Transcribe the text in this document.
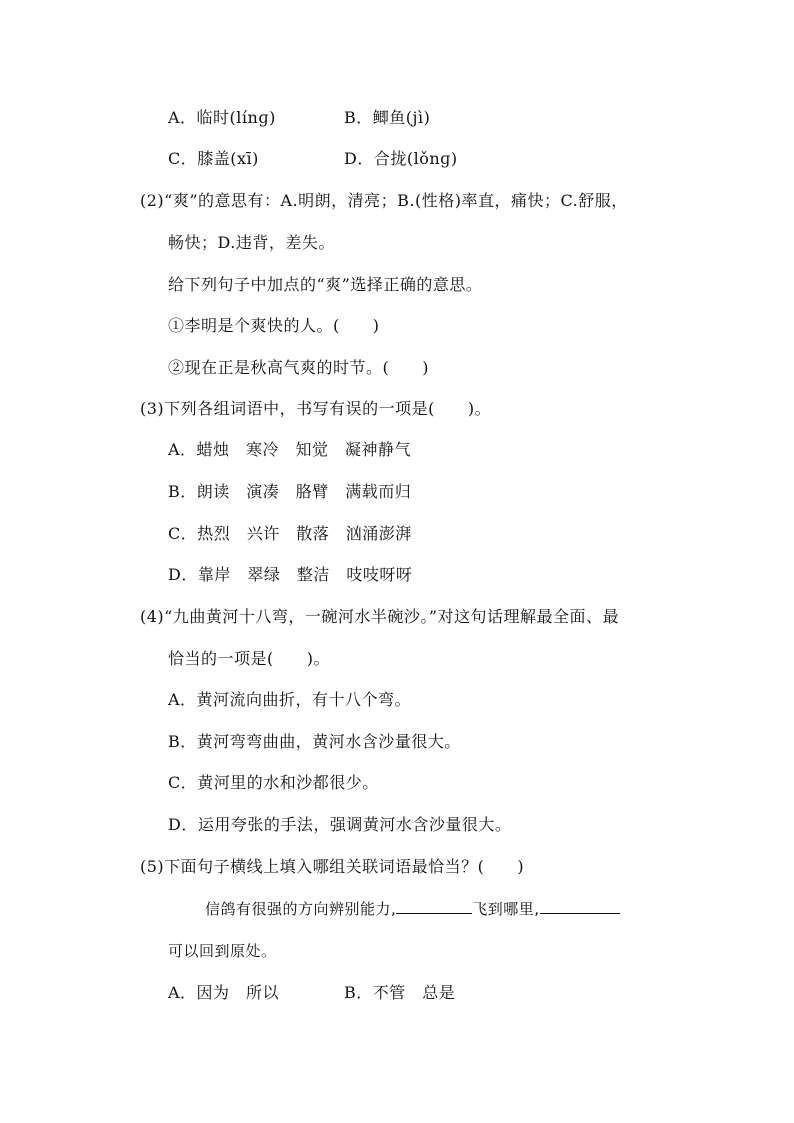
A．临时(línɡ)	B．鲫鱼(jì)
C．膝盖(xī)	D．合拢(lǒnɡ)
(2)“爽”的意思有：A.明朗，清亮；B.(性格)率直，痛快；C.舒服，
畅快；D.违背，差失。
给下列句子中加点的“爽”选择正确的意思。
①李明是个爽快的人。(　　)
②现在正是秋高气爽的时节。(　　)
(3)下列各组词语中，书写有误的一项是(　　)。
A．蜡烛　寒冷　知觉　凝神静气
B．朗读　演凑　胳臂　满载而归
C．热烈　兴许　散落　汹涌澎湃
D．靠岸　翠绿　整洁　吱吱呀呀
(4)“九曲黄河十八弯，一碗河水半碗沙。”对这句话理解最全面、最
恰当的一项是(　　)。
A．黄河流向曲折，有十八个弯。
B．黄河弯弯曲曲，黄河水含沙量很大。
C．黄河里的水和沙都很少。
D．运用夸张的手法，强调黄河水含沙量很大。
(5)下面句子横线上填入哪组关联词语最恰当？(　　)
信鸽有很强的方向辨别能力,	飞到哪里,
可以回到原处。
A．因为　所以	B．不管　总是
